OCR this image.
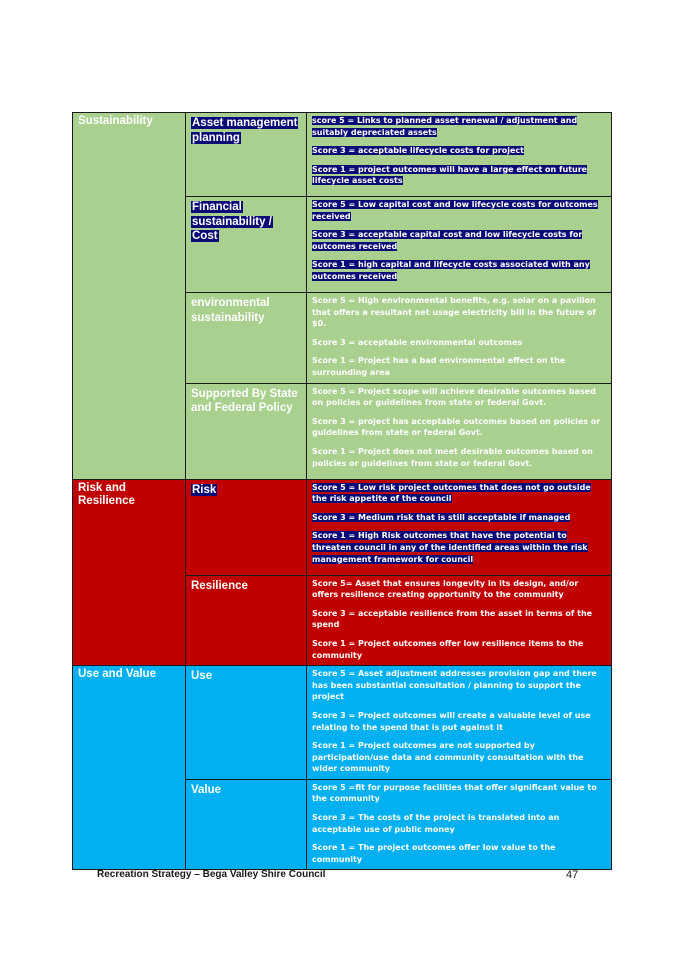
Sustainability	Asset management planning	score 5 = Links to planned asset renewal / adjustment and suitably depreciated assets
Score 3 = acceptable lifecycle costs for project
Score 1 = project outcomes will have a large effect on future lifecycle asset costs

	Financial sustainability / Cost	Score 5 = Low capital cost and low lifecycle costs for outcomes received
Score 3 = acceptable capital cost and low lifecycle costs for outcomes received
Score 1 = high capital and lifecycle costs associated with any outcomes received

	environmental sustainability	Score 5 = High environmental benefits, e.g. solar on a pavilion that offers a resultant net usage electricity bill in the future of $0.
Score 3 = acceptable environmental outcomes
Score 1 = Project has a bad environmental effect on the surrounding area

	Supported By State and Federal Policy	Score 5 = Project scope will achieve desirable outcomes based on policies or guidelines from state or federal Govt.
Score 3 = project has acceptable outcomes based on policies or guidelines from state or federal Govt.
Score 1 = Project does not meet desirable outcomes based on policies or guidelines from state or federal Govt.

Risk and Resilience	Risk	Score 5 = Low risk project outcomes that does not go outside the risk appetite of the council
Score 3 = Medium risk that is still acceptable if managed
Score 1 = High Risk outcomes that have the potential to threaten council in any of the identified areas within the risk management framework for council

	Resilience	Score 5= Asset that ensures longevity in its design, and/or offers resilience creating opportunity to the community
Score 3 = acceptable resilience from the asset in terms of the spend
Score 1 = Project outcomes offer low resilience items to the community

Use and Value	Use	Score 5 = Asset adjustment addresses provision gap and there has been substantial consultation / planning to support the project
Score 3 = Project outcomes will create a valuable level of use relating to the spend that is put against it
Score 1 = Project outcomes are not supported by participation/use data and community consultation with the wider community

	Value	Score 5 =fit for purpose facilities that offer significant value to the community
Score 3 = The costs of the project is translated into an acceptable use of public money
Score 1 = The project outcomes offer low value to the community
Recreation Strategy – Bega Valley Shire Council	47
